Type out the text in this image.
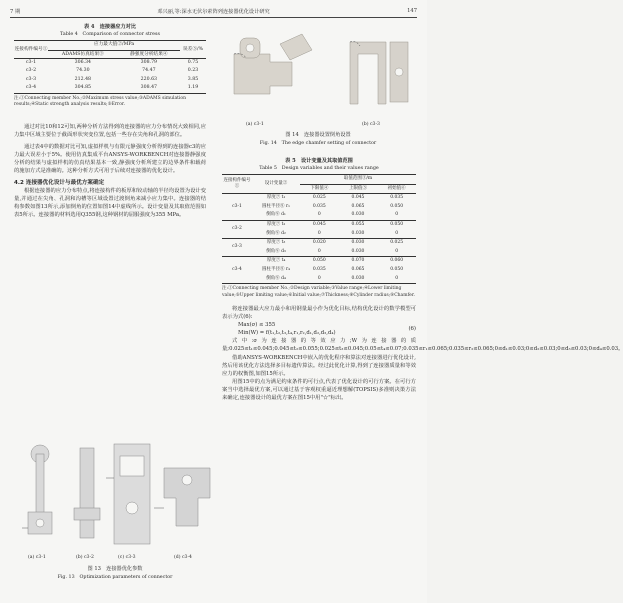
7 期	邓兴丽,等:深水无伏尔索阵列连接器优化设计研究	147
表 4　连接器应力对比
Table 4　Comparison of connector stress
连接构件编号①	应力最大值②/MPa		误差⑤/%
	ADAMS仿真结果③	静强度分析结果④	
c3-1	306.34	308.79	0.75
c3-2	74.30	74.47	0.23
c3-3	212.48	220.63	3.85
c3-4	304.85	308.47	1.19
注:①Connecting member No.;②Maximum stress value;③ADAMS simulation results;④Static strength analysis results;⑤Error.

通过对比10和12可知,两种分析方法得到的连接器的应力分布情况大致相同,应力集中区域主要位于截面形状突变位置,包括一些存在尖角和孔洞的部位。

通过表4中的数据对比可知,虚拟样机与有限元静强度分析得到的连接器c3的应力最大误差小于5%。使用仿真集成平台ANSYS-WORKBENCH对连接器静强度分析的结果与虚拟样机的仿真结果基本一致,静强度分析所建立的边界条件和载荷的施加方式是准确的。这种分析方式可用于后续对连接器的优化设计。

4.2 连接器优化设计与最优方案确定

根据连接器的应力分布特点,将连接构件的板厚和铰动轴的半径均设置为设计变量,并通过在尖角、孔洞和沟槽等区域设置过渡倒角来减小应力集中。连接器的结构参数如图13所示,添加倒角的位置如图14中虚线所示。设计变量及其取值范围如表5所示。连接器的材料选用Q355钢,这种钢材的屈服强度为355 MPa。

(a) c3-1	(b) c3-2	(c) c3-3	(d) c3-4
图 13　连接器优化参数
Fig. 13　Optimization parameters of connector
(a) c3-1	(b) c3-3
图 14　连接器设置倒角设置
Fig. 14　The edge chamfer setting of connector
表 5　设计变量及其取值范围
Table 5　Design variables and their values range
连接构件编号①	设计变量②	取值范围③/m		
		下限值④	上限值⑤	初始值⑥
c3-1	厚度⑦ t₁	0.025	0.045	0.035
	圆柱半径⑧ r₁	0.035	0.065	0.050
	倒角⑨ d₁	0	0.030	0
c3-2	厚度⑦ t₂	0.045	0.055	0.050
	倒角⑨ d₂	0	0.030	0
c3-3	厚度⑦ t₃	0.020	0.030	0.025
	倒角⑨ d₃	0	0.030	0
c3-4	厚度⑦ t₄	0.050	0.070	0.060
	圆柱半径⑧ r₄	0.035	0.065	0.050
	倒角⑨ d₄	0	0.030	0
注:①Connecting member No.;②Design variable;③Value range;④Lower limiting value;⑤Upper limiting value;⑥Initial value;⑦Thickness;⑧Cylinder radius;⑨Chamfer.

将连接器最大应力最小和用钢量最小作为优化目标,结构优化设计的数学模型可表示为式(6):

Max(σ) ≤ 355
Min(W) = f(t₁,t₂,t₃,t₄,r₁,r₂,d₁,d₂,d₃,d₄)
(6)

式中:σ为连接器的等效应力;W为连接器的质量;0.025≤t₁≤0.045;0.045≤t₂≤0.055;0.025≤t₃≤0.045;0.05≤t₄≤0.07;0.035≤r₁≤0.065;0.035≤r₂≤0.065;0≤d₁≤0.03;0≤d₂≤0.03;0≤d₃≤0.03;0≤d₄≤0.03。

借助ANSYS-WORKBENCH中嵌入的优化程序和算法对连接器进行优化设计,然后用该优化方法选择多目标遗传算法。经过此优化计算,得到了连接器质量和等效应力的权衡图,如图15所示。

用图15中的点为满足约束条件的可行点,代表了优化设计的可行方案。在可行方案当中选择最优方案,可以通过基于客观权重逼近理想解(TOPSIS)多准则决策方法来确定,连接器设计的最优方案在图15中用"☆"标出。
